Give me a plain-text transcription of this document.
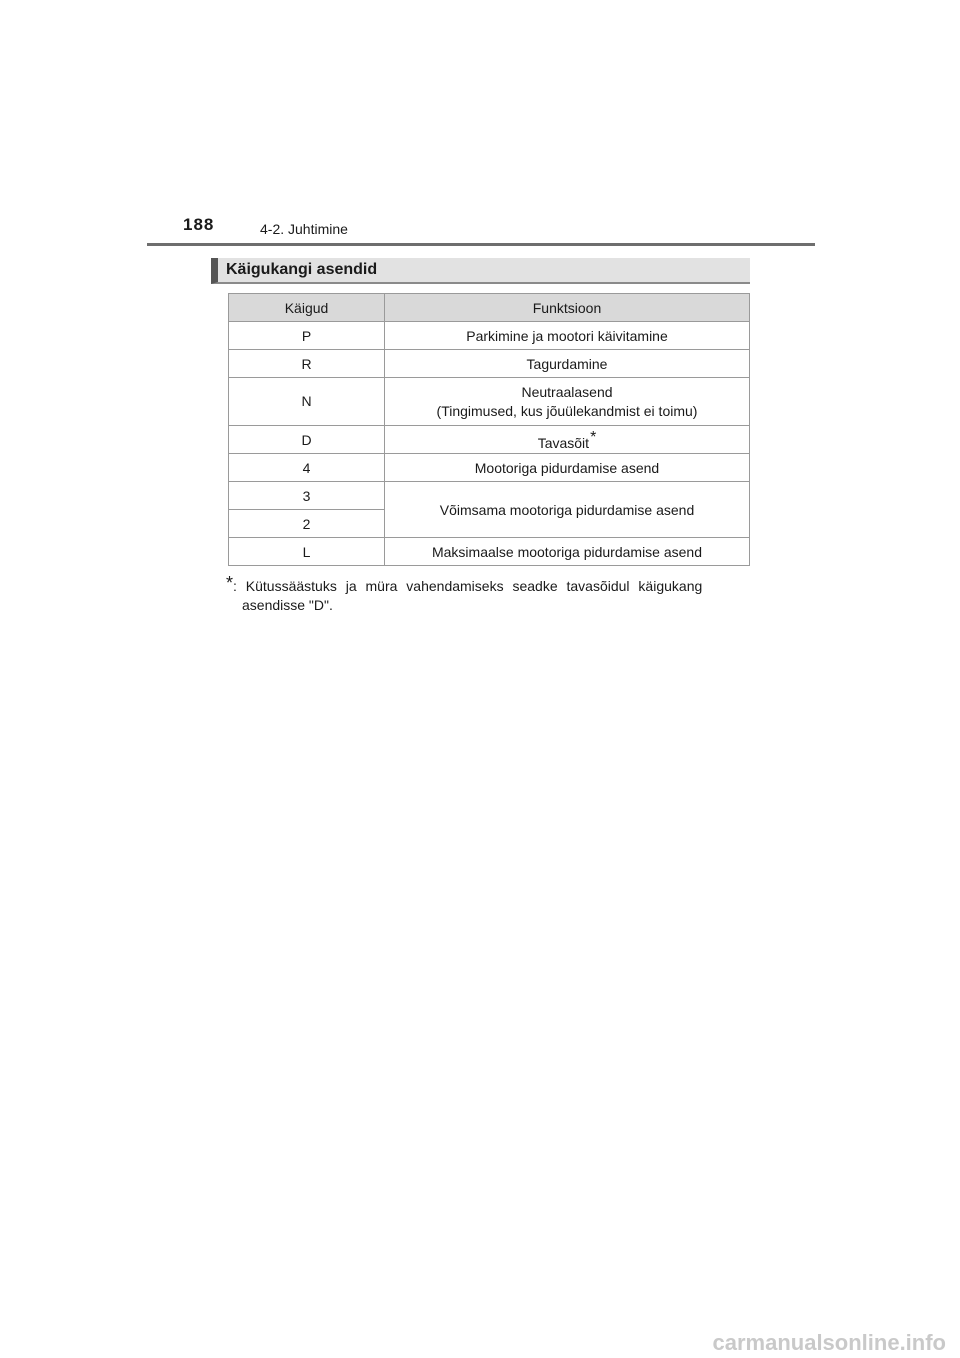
188	4-2. Juhtimine
Käigukangi asendid
Käigud	Funktsioon
P	Parkimine ja mootori käivitamine
R	Tagurdamine
N	Neutraalasend
(Tingimused, kus jõuülekandmist ei toimu)
D	Tavasõit*
4	Mootoriga pidurdamise asend
3	Võimsama mootoriga pidurdamise asend
2	
L	Maksimaalse mootoriga pidurdamise asend
*: Kütussäästuks ja müra vahendamiseks seadke tavasõidul käigukang
asendisse "D".
carmanualsonline.info
